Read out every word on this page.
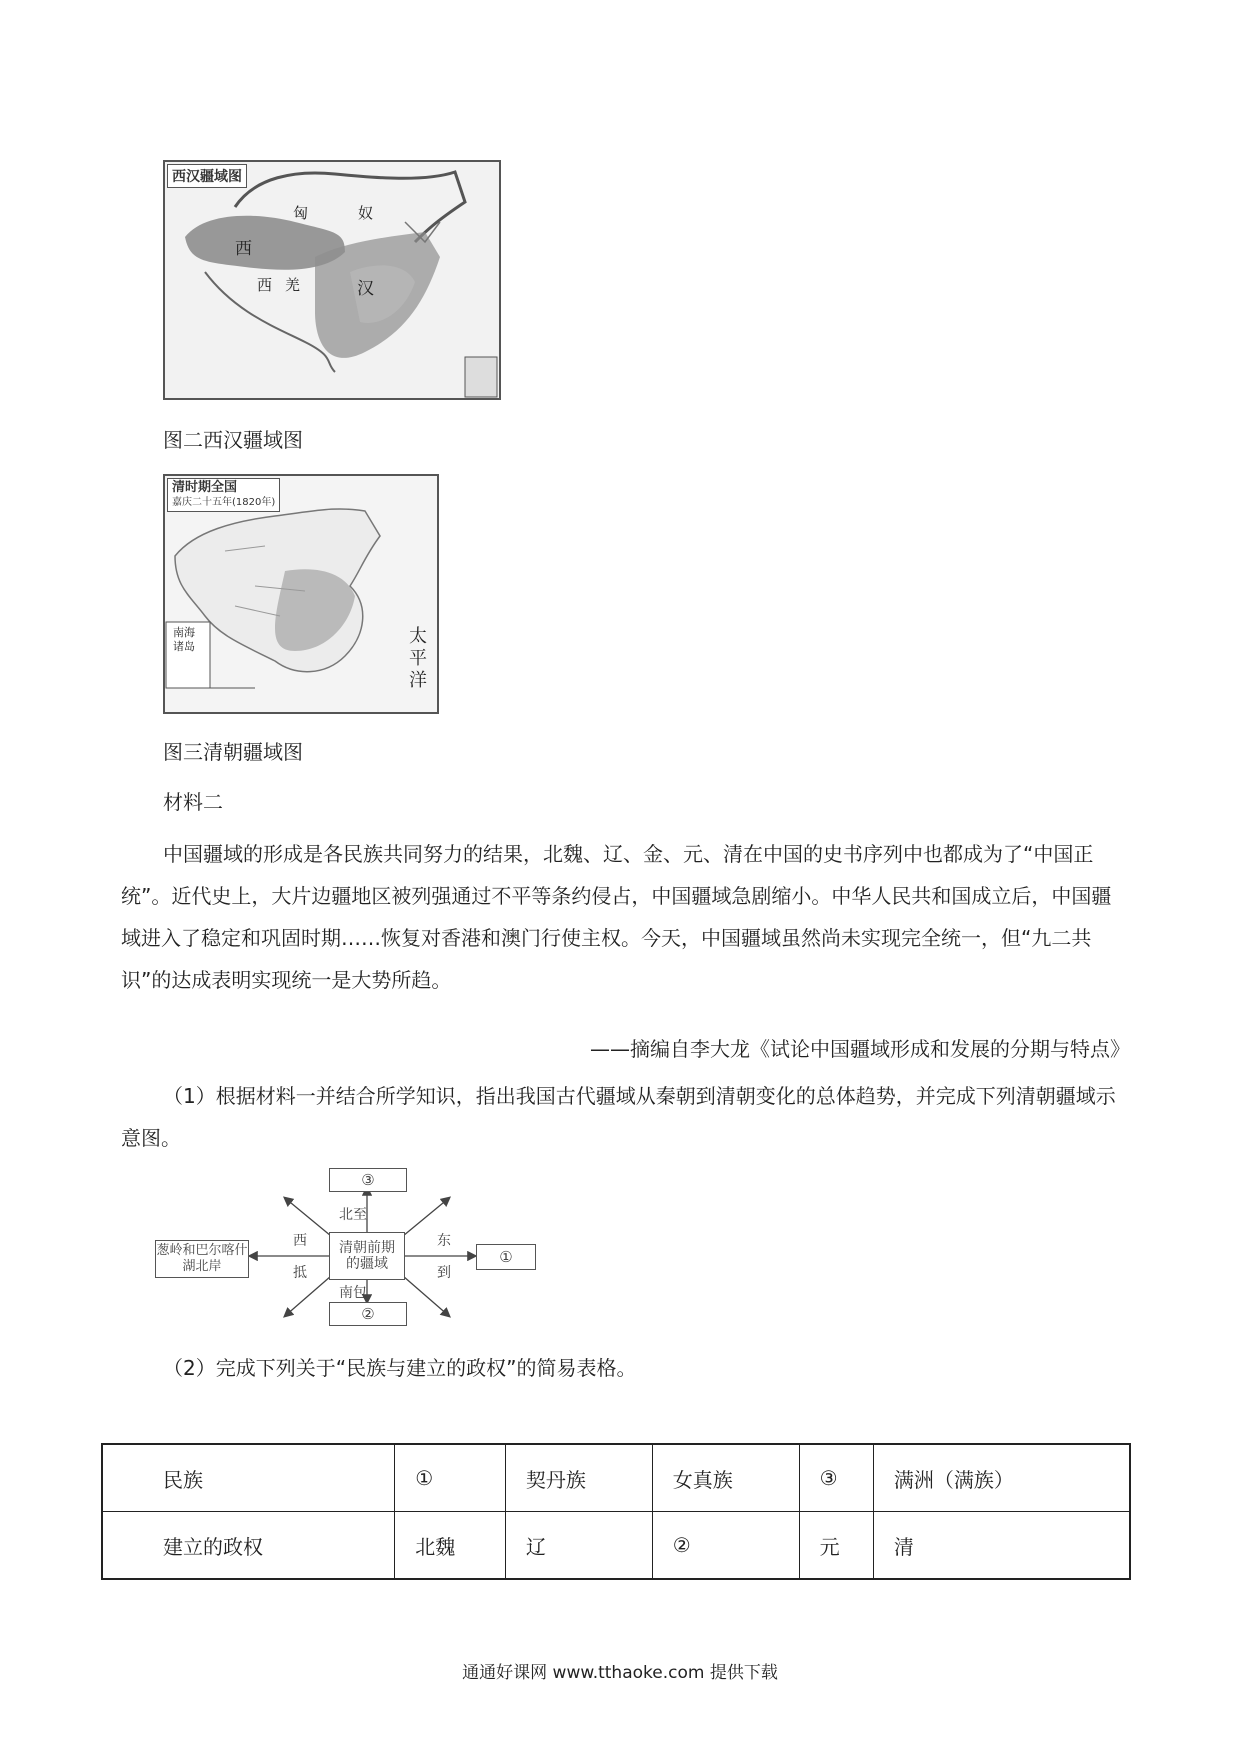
西汉疆域图
匈	奴
西
西 羌	汉
图二西汉疆域图
清时期全国
嘉庆二十五年(1820年)
太平洋
南海诸岛
图三清朝疆域图
材料二
中国疆域的形成是各民族共同努力的结果，北魏、辽、金、元、清在中国的史书序列中也都成为了“中国正统”。近代史上，大片边疆地区被列强通过不平等条约侵占，中国疆域急剧缩小。中华人民共和国成立后，中国疆域进入了稳定和巩固时期……恢复对香港和澳门行使主权。今天，中国疆域虽然尚未实现完全统一，但“九二共识”的达成表明实现统一是大势所趋。
——摘编自李大龙《试论中国疆域形成和发展的分期与特点》
（1）根据材料一并结合所学知识，指出我国古代疆域从秦朝到清朝变化的总体趋势，并完成下列清朝疆域示意图。
③
②
①
葱岭和巴尔喀什湖北岸
清朝前期的疆域
北至
南包
西
抵
东
到
（2）完成下列关于“民族与建立的政权”的简易表格。
民族	①	契丹族	女真族	③	满洲（满族）
建立的政权	北魏	辽	②	元	清
通通好课网 www.tthaoke.com 提供下载
